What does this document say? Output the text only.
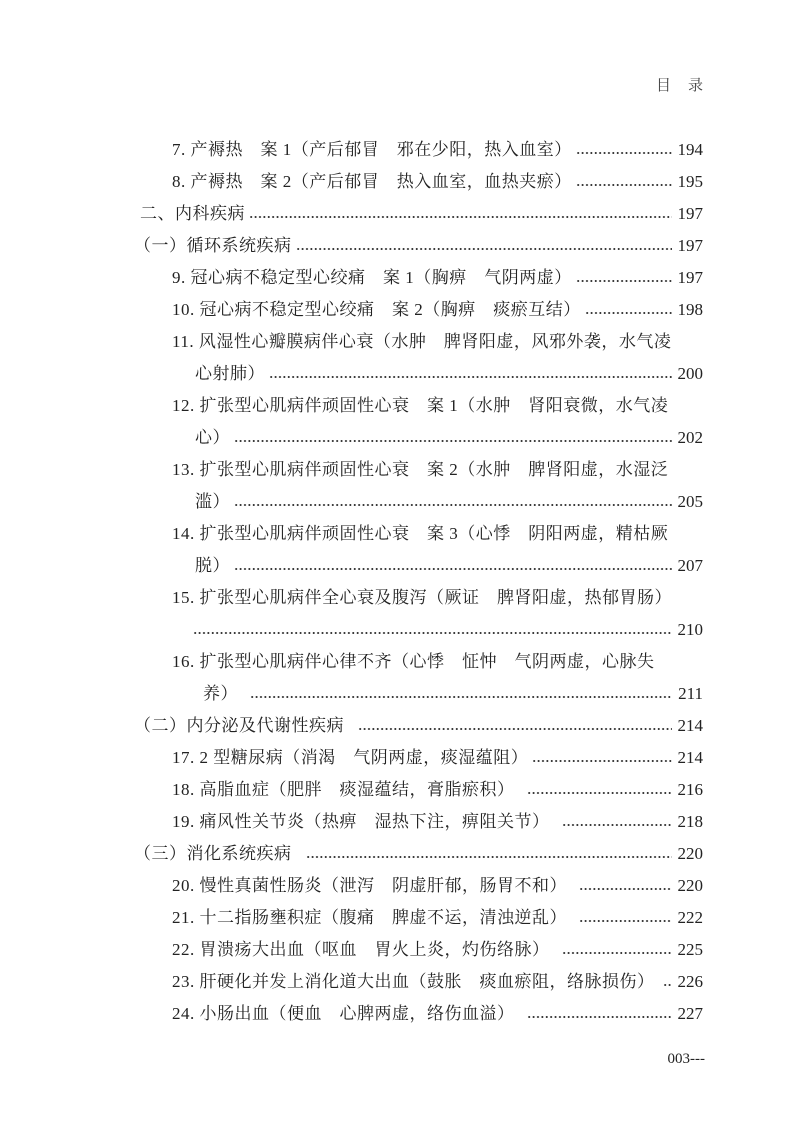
目　录
7. 产褥热　案 1（产后郁冒　邪在少阳，热入血室）	194
8. 产褥热　案 2（产后郁冒　热入血室，血热夹瘀）	195
二、内科疾病	197
（一）循环系统疾病	197
9. 冠心病不稳定型心绞痛　案 1（胸痹　气阴两虚）	197
10. 冠心病不稳定型心绞痛　案 2（胸痹　痰瘀互结）	198
11. 风湿性心瓣膜病伴心衰（水肿　脾肾阳虚，风邪外袭，水气凌
心射肺）	200
12. 扩张型心肌病伴顽固性心衰　案 1（水肿　肾阳衰微，水气凌
心）	202
13. 扩张型心肌病伴顽固性心衰　案 2（水肿　脾肾阳虚，水湿泛
滥）	205
14. 扩张型心肌病伴顽固性心衰　案 3（心悸　阴阳两虚，精枯厥
脱）	207
15. 扩张型心肌病伴全心衰及腹泻（厥证　脾肾阳虚，热郁胃肠）
210
16. 扩张型心肌病伴心律不齐（心悸　怔忡　气阴两虚，心脉失
养）	211
（二）内分泌及代谢性疾病	214
17. 2 型糖尿病（消渴　气阴两虚，痰湿蕴阻）	214
18. 高脂血症（肥胖　痰湿蕴结，膏脂瘀积）	216
19. 痛风性关节炎（热痹　湿热下注，痹阻关节）	218
（三）消化系统疾病	220
20. 慢性真菌性肠炎（泄泻　阴虚肝郁，肠胃不和）	220
21. 十二指肠壅积症（腹痛　脾虚不运，清浊逆乱）	222
22. 胃溃疡大出血（呕血　胃火上炎，灼伤络脉）	225
23. 肝硬化并发上消化道大出血（鼓胀　痰血瘀阻，络脉损伤） 226
24. 小肠出血（便血　心脾两虚，络伤血溢）	227
003---
